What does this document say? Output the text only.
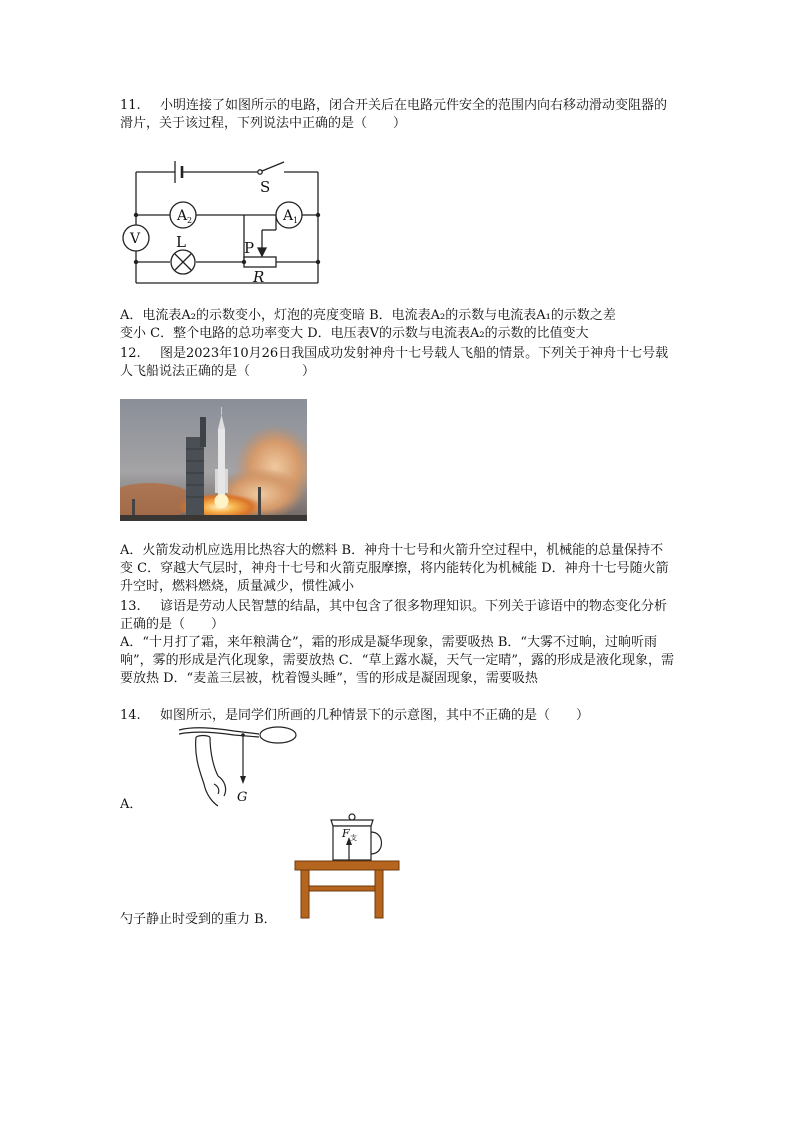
11. 小明连接了如图所示的电路，闭合开关后在电路元件安全的范围内向右移动滑动变阻器的滑片，关于该过程，下列说法中正确的是（　　）
A 2	A 1
V
S
L	P
R
A．电流表A₂的示数变小，灯泡的亮度变暗 B．电流表A₂的示数与电流表A₁的示数之差
变小 C．整个电路的总功率变大 D．电压表V的示数与电流表A₂的示数的比值变大
12. 图是2023年10月26日我国成功发射神舟十七号载人飞船的情景。下列关于神舟十七号载人飞船说法正确的是（　　　　）
A．火箭发动机应选用比热容大的燃料 B．神舟十七号和火箭升空过程中，机械能的总量保持不变 C．穿越大气层时，神舟十七号和火箭克服摩擦，将内能转化为机械能 D．神舟十七号随火箭升空时，燃料燃烧，质量减少，惯性减小
13. 谚语是劳动人民智慧的结晶，其中包含了很多物理知识。下列关于谚语中的物态变化分析正确的是（　　）
A．“十月打了霜，来年粮满仓”，霜的形成是凝华现象，需要吸热 B．“大雾不过晌，过晌听雨响”，雾的形成是汽化现象，需要放热 C．“草上露水凝，天气一定晴”，露的形成是液化现象，需要放热 D．“麦盖三层被，枕着馒头睡”，雪的形成是凝固现象，需要吸热
14. 如图所示，是同学们所画的几种情景下的示意图，其中不正确的是（　　）
G
A．
F 支
勺子静止时受到的重力 B．
